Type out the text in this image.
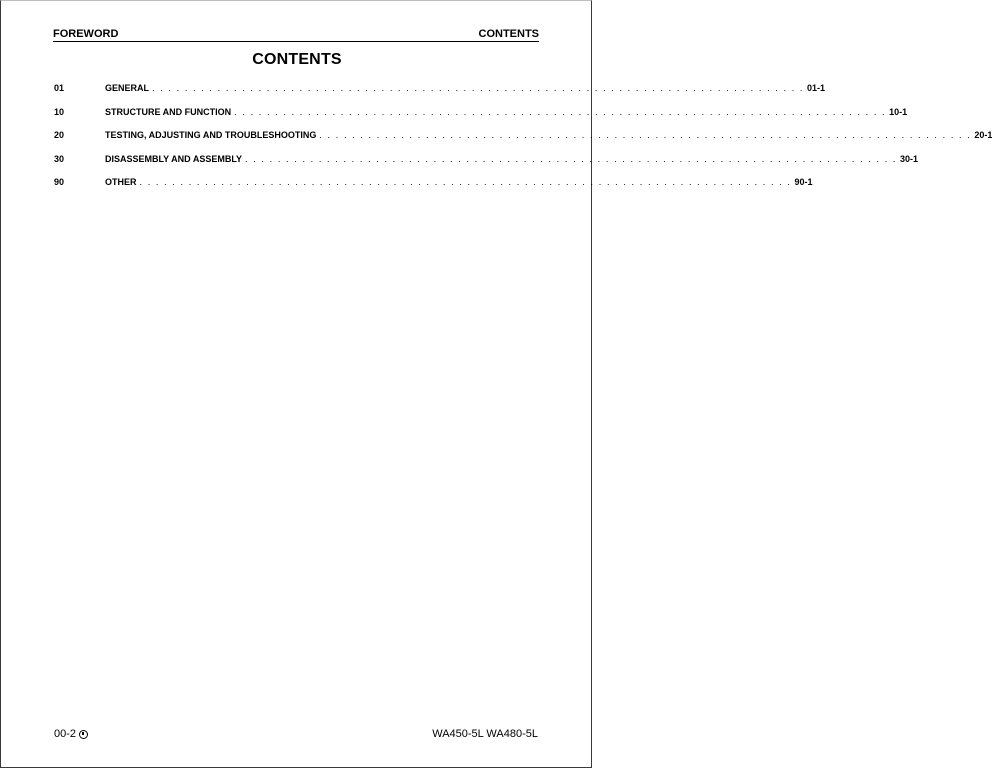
FOREWORD	CONTENTS
CONTENTS
01	GENERAL . . . . . . . . . . . . . . . . . . . . . . . . . . . . . . . . . . . . . . . . . . . . . . . . . . . . . . . . . . . . . . . . . . . . . . . . . . . . . . . . 01-1
10	STRUCTURE AND FUNCTION . . . . . . . . . . . . . . . . . . . . . . . . . . . . . . . . . . . . . . . . . . . . . . . . . . . . . . . . . . . . . . . . . . . . . . . . . . . . . . . . 10-1
20	TESTING, ADJUSTING AND TROUBLESHOOTING . . . . . . . . . . . . . . . . . . . . . . . . . . . . . . . . . . . . . . . . . . . . . . . . . . . . . . . . . . . . . . . . . . . . . . . . . . . . . . . . 20-1
30	DISASSEMBLY AND ASSEMBLY . . . . . . . . . . . . . . . . . . . . . . . . . . . . . . . . . . . . . . . . . . . . . . . . . . . . . . . . . . . . . . . . . . . . . . . . . . . . . . . . 30-1
90	OTHER . . . . . . . . . . . . . . . . . . . . . . . . . . . . . . . . . . . . . . . . . . . . . . . . . . . . . . . . . . . . . . . . . . . . . . . . . . . . . . . . 90-1
00-2	WA450-5L WA480-5L
